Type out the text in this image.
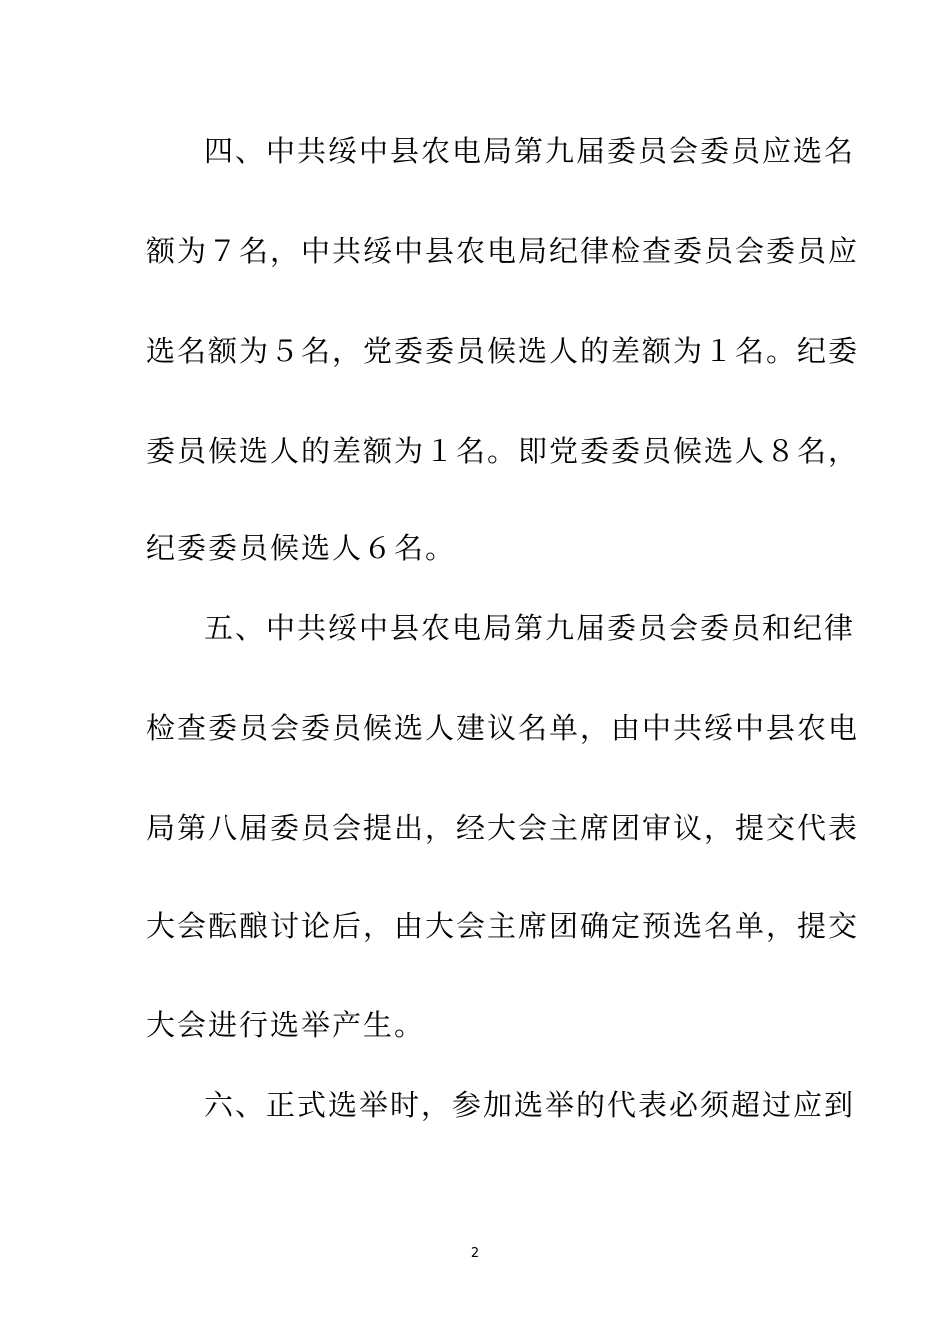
四、中共绥中县农电局第九届委员会委员应选名
额为７名，中共绥中县农电局纪律检查委员会委员应
选名额为５名，党委委员候选人的差额为１名。纪委
委员候选人的差额为１名。即党委委员候选人８名，
纪委委员候选人６名。
五、中共绥中县农电局第九届委员会委员和纪律
检查委员会委员候选人建议名单，由中共绥中县农电
局第八届委员会提出，经大会主席团审议，提交代表
大会酝酿讨论后，由大会主席团确定预选名单，提交
大会进行选举产生。
六、正式选举时，参加选举的代表必须超过应到
2
